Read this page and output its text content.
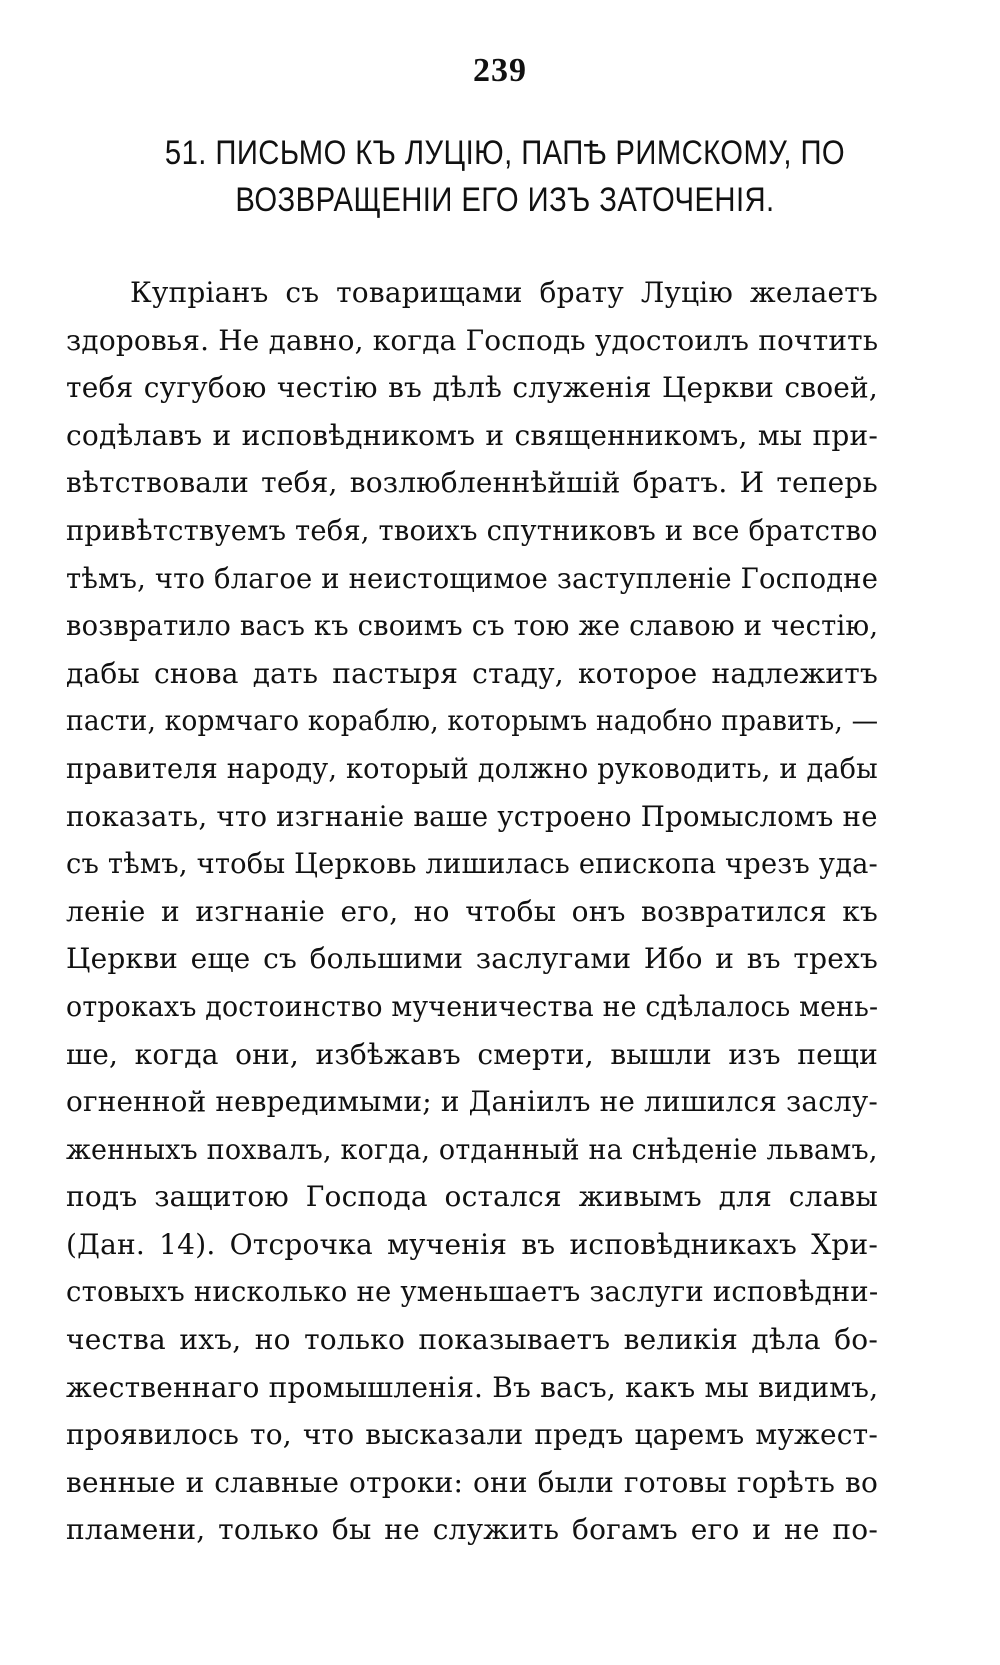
239
51. ПИСЬМО КЪ ЛУЦІЮ, ПАПѢ РИМСКОМУ, ПО
ВОЗВРАЩЕНІИ ЕГО ИЗЪ ЗАТОЧЕНІЯ.
Купріанъ съ товарищами брату Луцію желаетъ
здоровья. Не давно, когда Господь удостоилъ почтить
тебя сугубою честію въ дѣлѣ служенія Церкви своей,
содѣлавъ и исповѣдникомъ и священникомъ, мы при-
вѣтствовали тебя, возлюбленнѣйшій братъ. И теперь
привѣтствуемъ тебя, твоихъ спутниковъ и все братство
тѣмъ, что благое и неистощимое заступленіе Господне
возвратило васъ къ своимъ съ тою же славою и честію,
дабы снова дать пастыря стаду, которое надлежитъ
пасти, кормчаго кораблю, которымъ надобно править, —
правителя народу, который должно руководить, и дабы
показать, что изгнаніе ваше устроено Промысломъ не
съ тѣмъ, чтобы Церковь лишилась епископа чрезъ уда-
леніе и изгнаніе его, но чтобы онъ возвратился къ
Церкви еще съ большими заслугами Ибо и въ трехъ
отрокахъ достоинство мученичества не сдѣлалось мень-
ше, когда они, избѣжавъ смерти, вышли изъ пещи
огненной невредимыми; и Даніилъ не лишился заслу-
женныхъ похвалъ, когда, отданный на снѣденіе львамъ,
подъ защитою Господа остался живымъ для славы
(Дан. 14). Отсрочка мученія въ исповѣдникахъ Хри-
стовыхъ нисколько не уменьшаетъ заслуги исповѣдни-
чества ихъ, но только показываетъ великія дѣла бо-
жественнаго промышленія. Въ васъ, какъ мы видимъ,
проявилось то, что высказали предъ царемъ мужест-
венные и славные отроки: они были готовы горѣть во
пламени, только бы не служить богамъ его и не по-
